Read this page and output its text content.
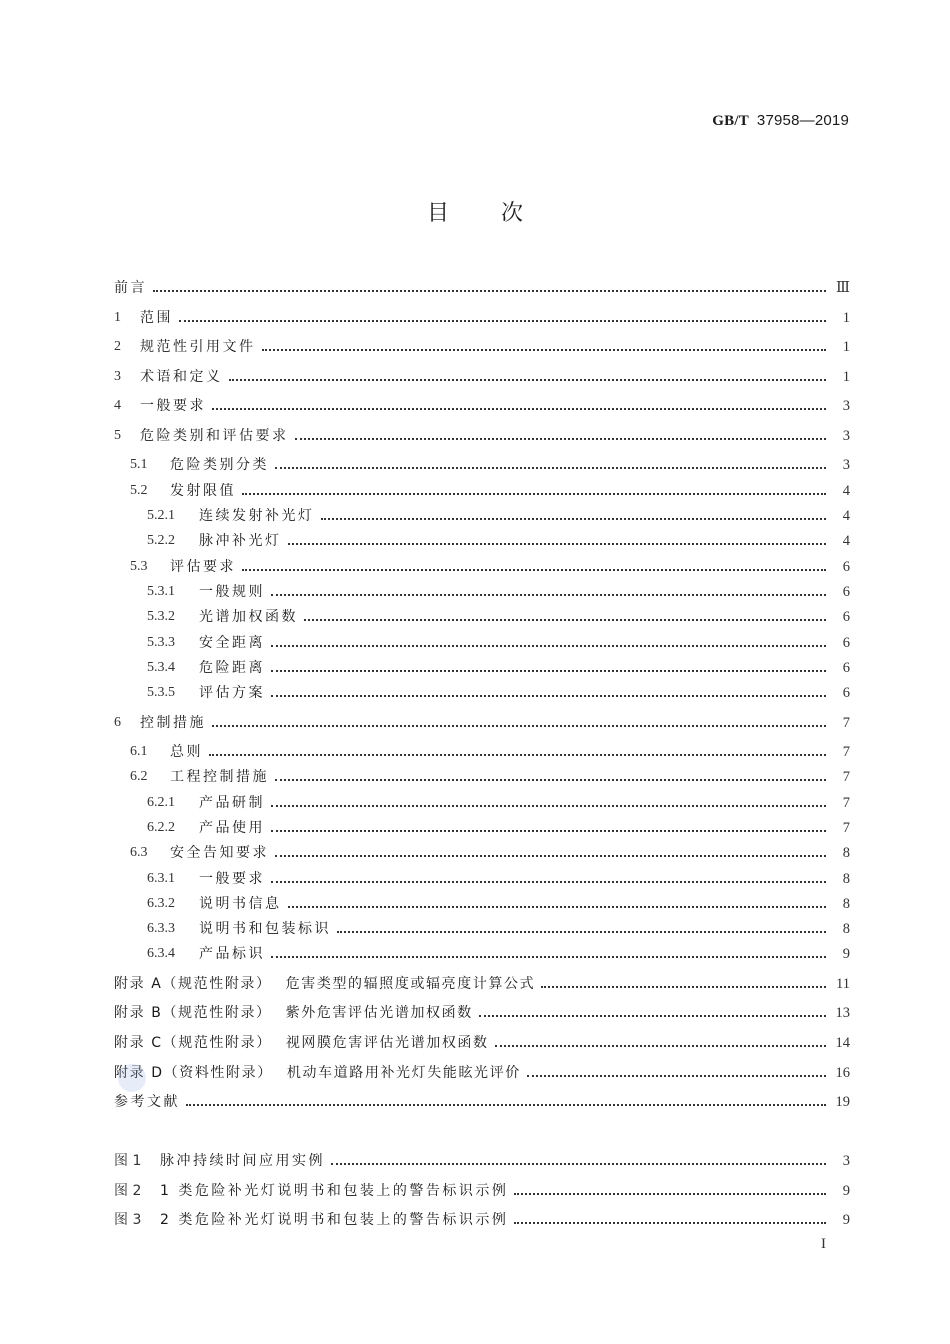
GB/T 37958—2019
目 次
前言	Ⅲ
1	范围	1
2	规范性引用文件	1
3	术语和定义	1
4	一般要求	3
5	危险类别和评估要求	3
5.1	危险类别分类	3
5.2	发射限值	4
5.2.1	连续发射补光灯	4
5.2.2	脉冲补光灯	4
5.3	评估要求	6
5.3.1	一般规则	6
5.3.2	光谱加权函数	6
5.3.3	安全距离	6
5.3.4	危险距离	6
5.3.5	评估方案	6
6	控制措施	7
6.1	总则	7
6.2	工程控制措施	7
6.2.1	产品研制	7
6.2.2	产品使用	7
6.3	安全告知要求	8
6.3.1	一般要求	8
6.3.2	说明书信息	8
6.3.3	说明书和包装标识	8
6.3.4	产品标识	9
附录 A（规范性附录） 危害类型的辐照度或辐亮度计算公式	11
附录 B（规范性附录） 紫外危害评估光谱加权函数	13
附录 C（规范性附录） 视网膜危害评估光谱加权函数	14
附录 D（资料性附录） 机动车道路用补光灯失能眩光评价	16
参考文献	19
图 1	脉冲持续时间应用实例	3
图 2	1 类危险补光灯说明书和包装上的警告标识示例	9
图 3	2 类危险补光灯说明书和包装上的警告标识示例	9
I
